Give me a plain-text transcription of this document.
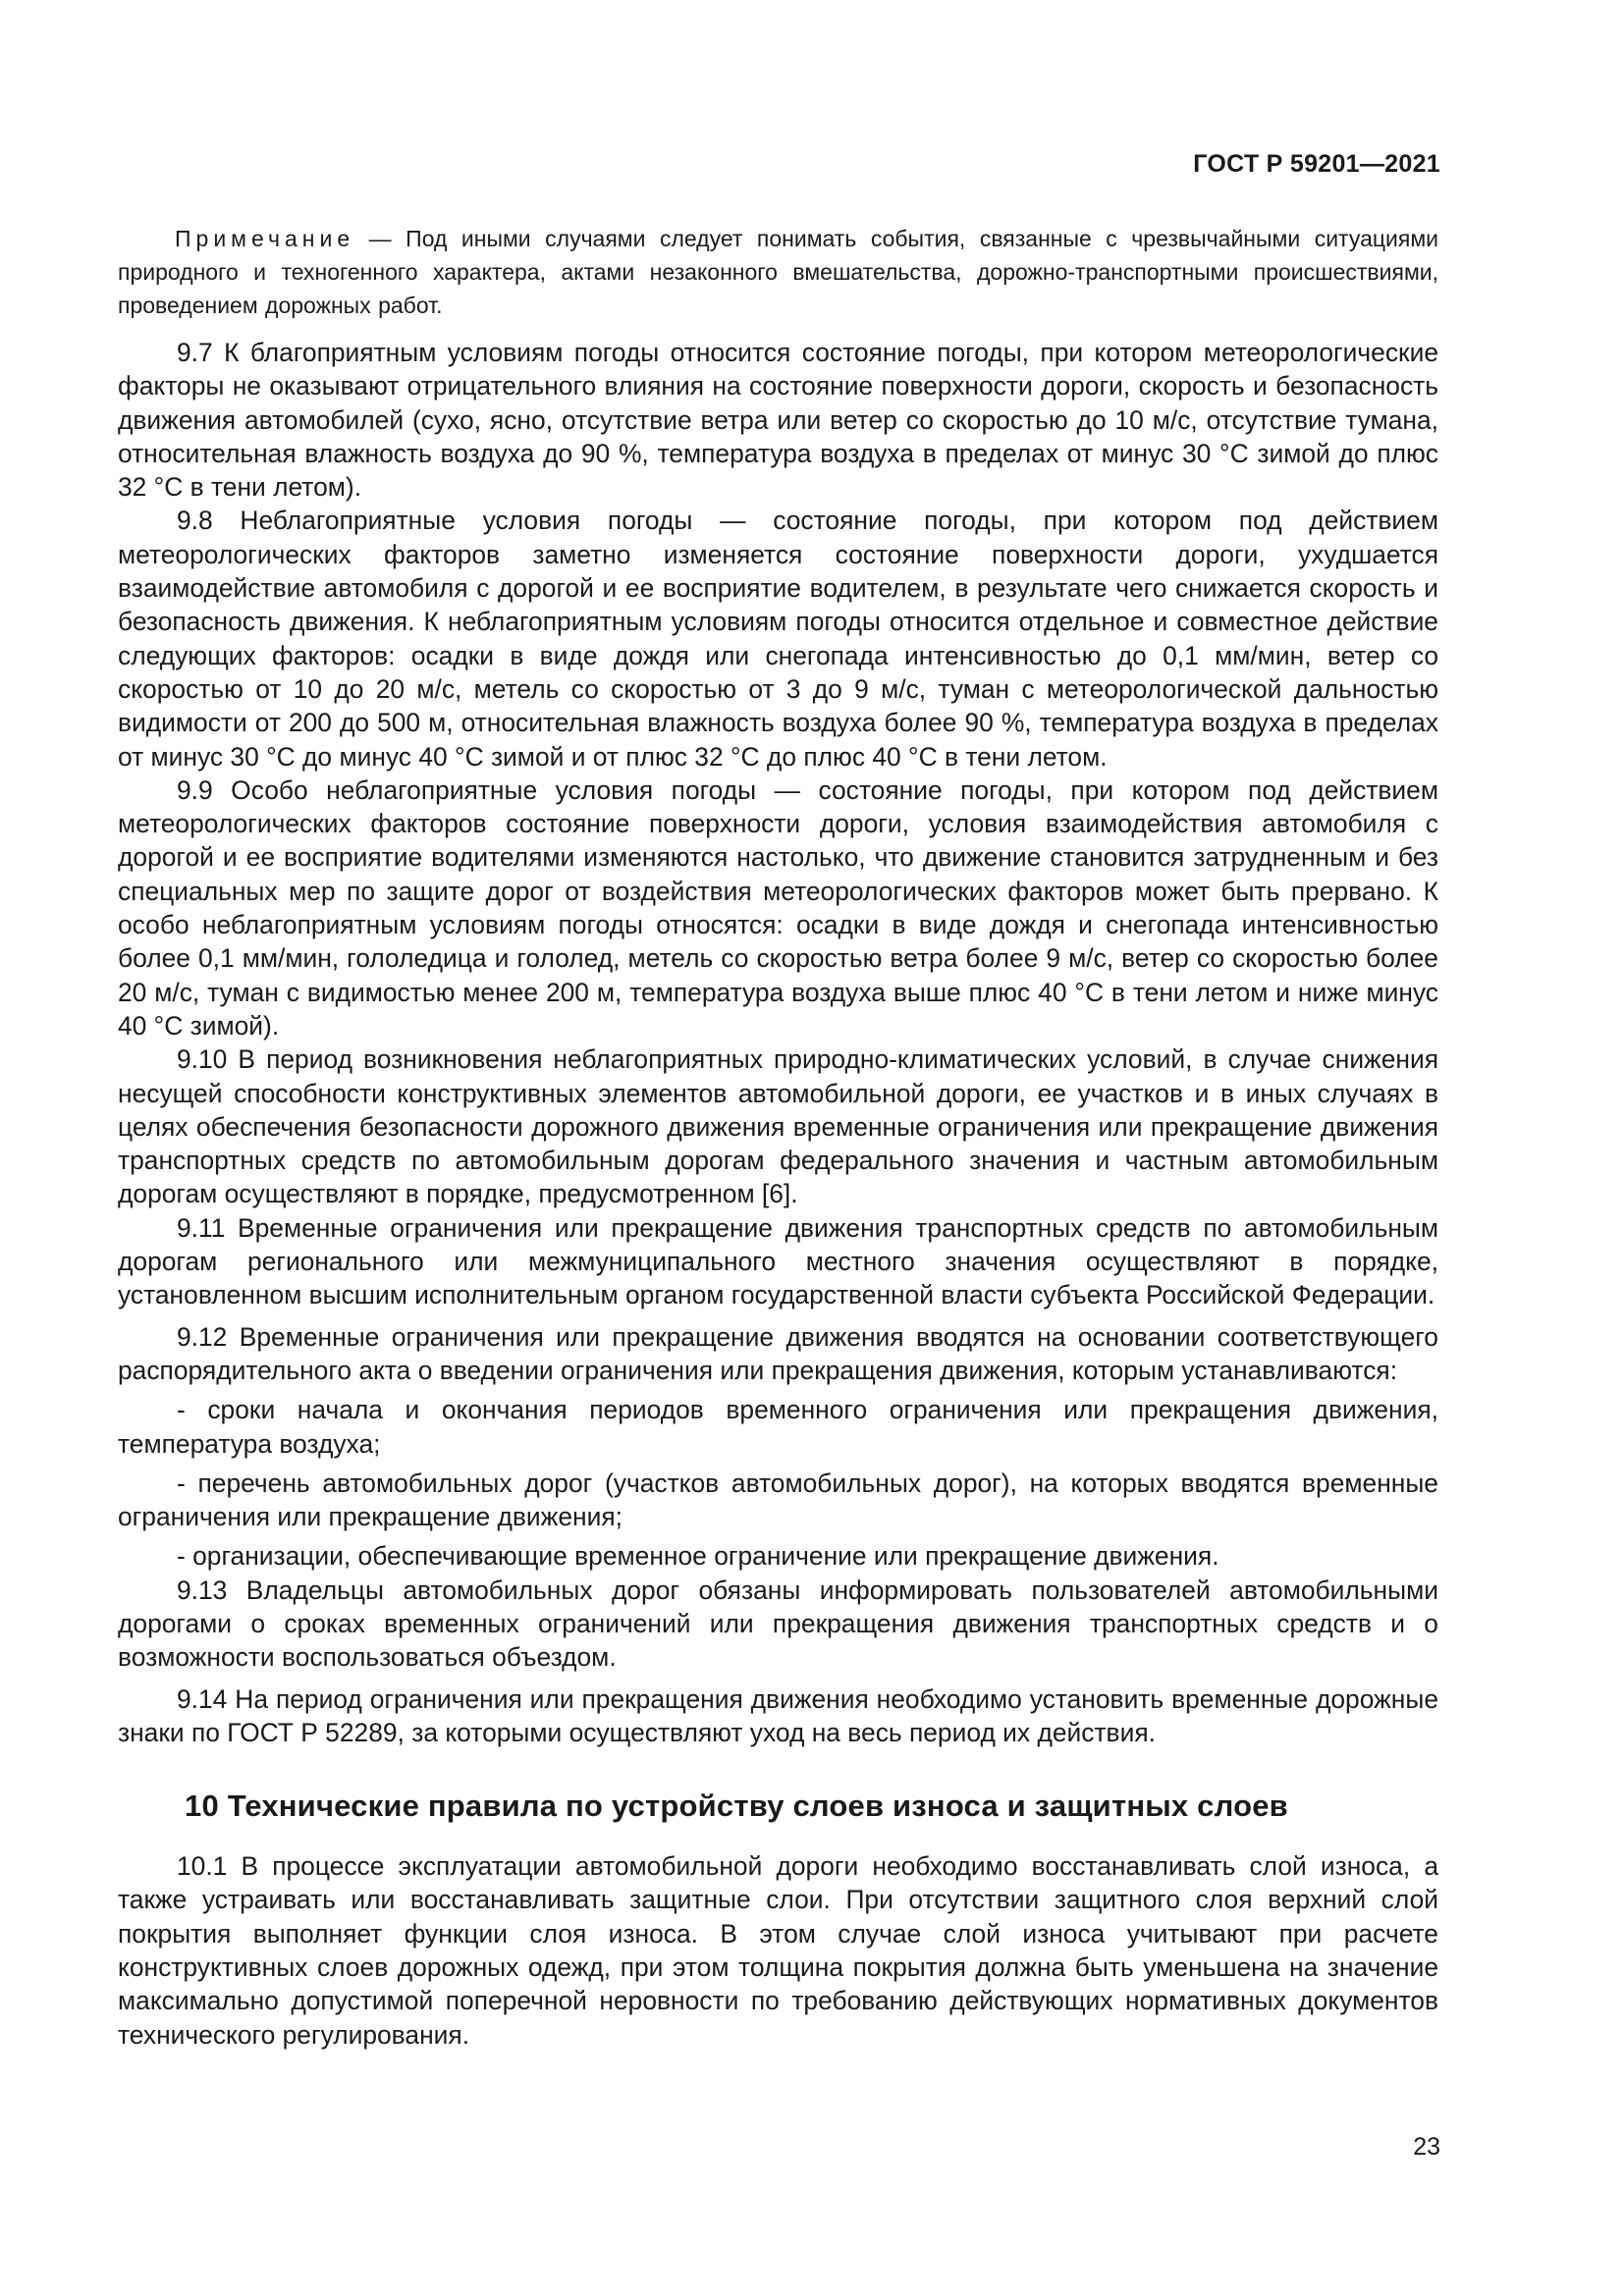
ГОСТ Р 59201—2021

Примечание — Под иными случаями следует понимать события, связанные с чрезвычайными ситуациями природного и техногенного характера, актами незаконного вмешательства, дорожно-транспортными происшествиями, проведением дорожных работ.

9.7 К благоприятным условиям погоды относится состояние погоды, при котором метеорологические факторы не оказывают отрицательного влияния на состояние поверхности дороги, скорость и безопасность движения автомобилей (сухо, ясно, отсутствие ветра или ветер со скоростью до 10 м/с, отсутствие тумана, относительная влажность воздуха до 90 %, температура воздуха в пределах от минус 30 °С зимой до плюс 32 °С в тени летом).

9.8 Неблагоприятные условия погоды — состояние погоды, при котором под действием метеорологических факторов заметно изменяется состояние поверхности дороги, ухудшается взаимодействие автомобиля с дорогой и ее восприятие водителем, в результате чего снижается скорость и безопасность движения. К неблагоприятным условиям погоды относится отдельное и совместное действие следующих факторов: осадки в виде дождя или снегопада интенсивностью до 0,1 мм/мин, ветер со скоростью от 10 до 20 м/с, метель со скоростью от 3 до 9 м/с, туман с метеорологической дальностью видимости от 200 до 500 м, относительная влажность воздуха более 90 %, температура воздуха в пределах от минус 30 °С до минус 40 °С зимой и от плюс 32 °С до плюс 40 °С в тени летом.

9.9 Особо неблагоприятные условия погоды — состояние погоды, при котором под действием метеорологических факторов состояние поверхности дороги, условия взаимодействия автомобиля с дорогой и ее восприятие водителями изменяются настолько, что движение становится затрудненным и без специальных мер по защите дорог от воздействия метеорологических факторов может быть прервано. К особо неблагоприятным условиям погоды относятся: осадки в виде дождя и снегопада интенсивностью более 0,1 мм/мин, гололедица и гололед, метель со скоростью ветра более 9 м/с, ветер со скоростью более 20 м/с, туман с видимостью менее 200 м, температура воздуха выше плюс 40 °С в тени летом и ниже минус 40 °С зимой).

9.10 В период возникновения неблагоприятных природно-климатических условий, в случае снижения несущей способности конструктивных элементов автомобильной дороги, ее участков и в иных случаях в целях обеспечения безопасности дорожного движения временные ограничения или прекращение движения транспортных средств по автомобильным дорогам федерального значения и частным автомобильным дорогам осуществляют в порядке, предусмотренном [6].

9.11 Временные ограничения или прекращение движения транспортных средств по автомобильным дорогам регионального или межмуниципального местного значения осуществляют в порядке, установленном высшим исполнительным органом государственной власти субъекта Российской Федерации.

9.12 Временные ограничения или прекращение движения вводятся на основании соответствующего распорядительного акта о введении ограничения или прекращения движения, которым устанавливаются:

- сроки начала и окончания периодов временного ограничения или прекращения движения, температура воздуха;

- перечень автомобильных дорог (участков автомобильных дорог), на которых вводятся временные ограничения или прекращение движения;

- организации, обеспечивающие временное ограничение или прекращение движения.

9.13 Владельцы автомобильных дорог обязаны информировать пользователей автомобильными дорогами о сроках временных ограничений или прекращения движения транспортных средств и о возможности воспользоваться объездом.

9.14 На период ограничения или прекращения движения необходимо установить временные дорожные знаки по ГОСТ Р 52289, за которыми осуществляют уход на весь период их действия.

10 Технические правила по устройству слоев износа и защитных слоев

10.1 В процессе эксплуатации автомобильной дороги необходимо восстанавливать слой износа, а также устраивать или восстанавливать защитные слои. При отсутствии защитного слоя верхний слой покрытия выполняет функции слоя износа. В этом случае слой износа учитывают при расчете конструктивных слоев дорожных одежд, при этом толщина покрытия должна быть уменьшена на значение максимально допустимой поперечной неровности по требованию действующих нормативных документов технического регулирования.

23
